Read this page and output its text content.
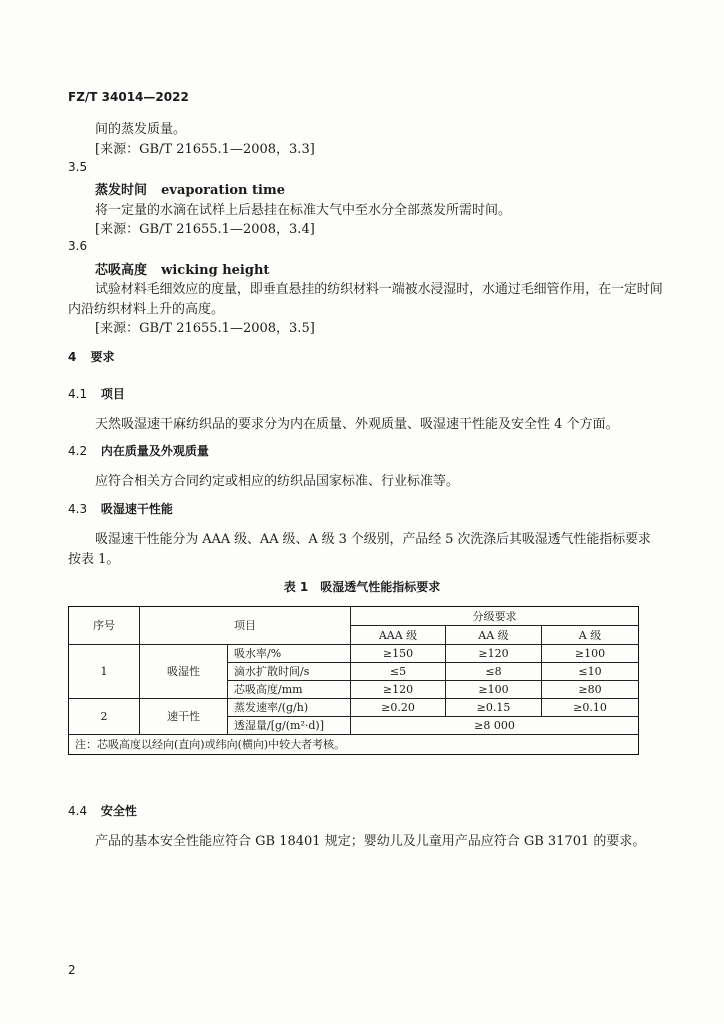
FZ/T 34014—2022
间的蒸发质量。
[来源：GB/T 21655.1—2008，3.3]
3.5
蒸发时间 evaporation time
将一定量的水滴在试样上后悬挂在标准大气中至水分全部蒸发所需时间。
[来源：GB/T 21655.1—2008，3.4]
3.6
芯吸高度 wicking height
试验材料毛细效应的度量，即垂直悬挂的纺织材料一端被水浸湿时，水通过毛细管作用，在一定时间
内沿纺织材料上升的高度。
[来源：GB/T 21655.1—2008，3.5]
4 要求
4.1 项目
天然吸湿速干麻纺织品的要求分为内在质量、外观质量、吸湿速干性能及安全性 4 个方面。
4.2 内在质量及外观质量
应符合相关方合同约定或相应的纺织品国家标准、行业标准等。
4.3 吸湿速干性能
吸湿速干性能分为 AAA 级、AA 级、A 级 3 个级别，产品经 5 次洗涤后其吸湿透气性能指标要求
按表 1。
表 1　吸湿透气性能指标要求
序号	项目		分级要求		
			AAA 级	AA 级	A 级
1	吸湿性	吸水率/%	≥150	≥120	≥100
		滴水扩散时间/s	≤5	≤8	≤10
		芯吸高度/mm	≥120	≥100	≥80
2	速干性	蒸发速率/(g/h)	≥0.20	≥0.15	≥0.10
		透湿量/[g/(m²·d)]	≥8 000		
注：芯吸高度以经向(直向)或纬向(横向)中较大者考核。					
4.4 安全性
产品的基本安全性能应符合 GB 18401 规定；婴幼儿及儿童用产品应符合 GB 31701 的要求。
2
